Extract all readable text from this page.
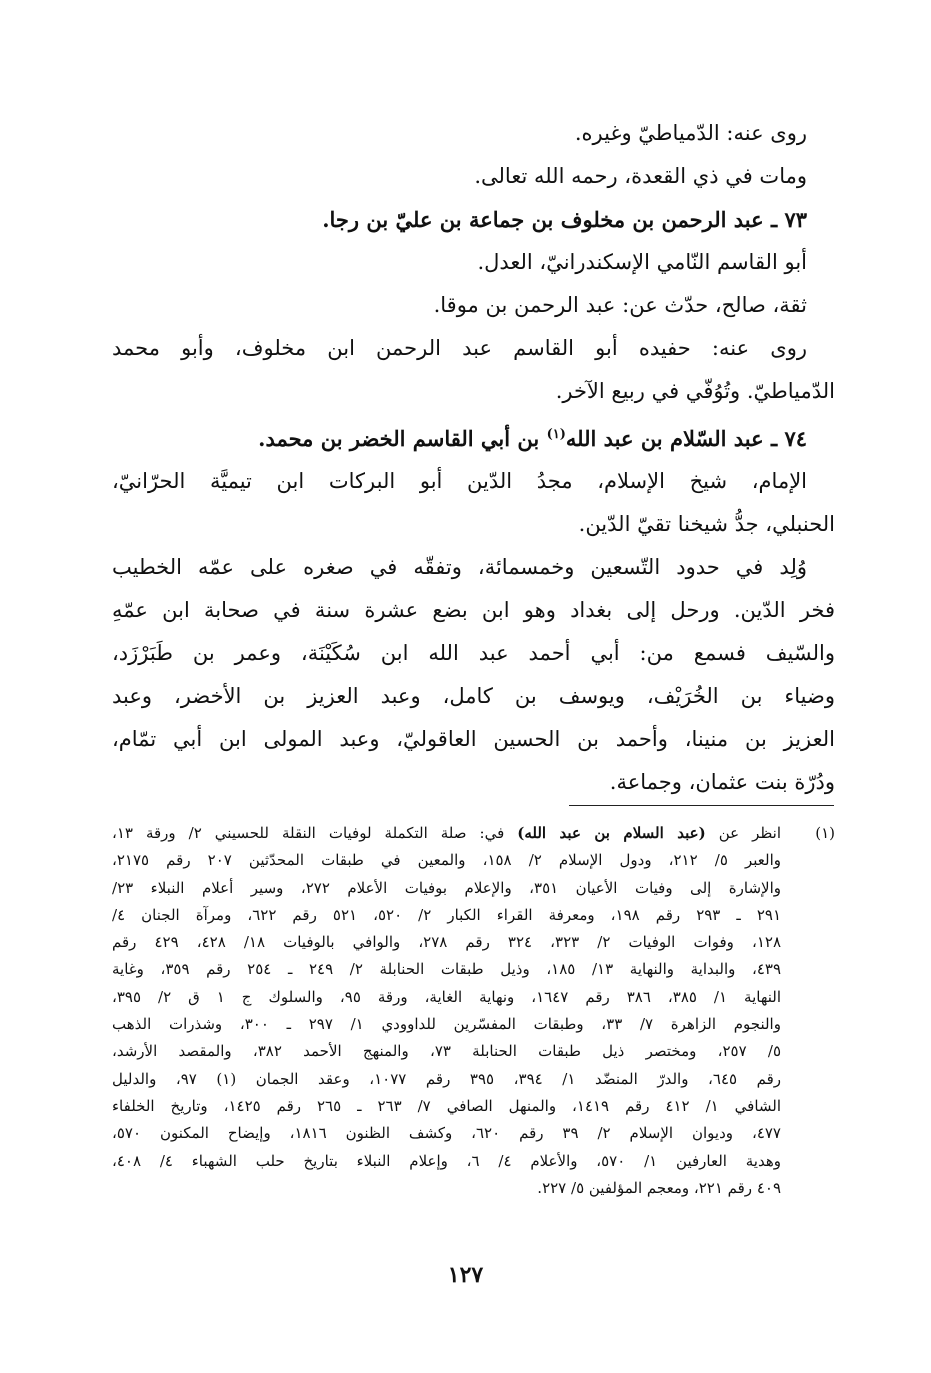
روى عنه: الدّمياطيّ وغيره.
ومات في ذي القعدة، رحمه الله تعالى.
٧٣ ـ عبد الرحمن بن مخلوف بن جماعة بن عليّ بن رجا.
أبو القاسم النّامي الإسكندرانيّ، العدل.
ثقة، صالح، حدّث عن: عبد الرحمن بن موقا.
روى عنه: حفيده أبو القاسم عبد الرحمن ابن مخلوف، وأبو محمد
الدّمياطيّ. وتُوُفّي في ربيع الآخر.
٧٤ ـ عبد السّلام بن عبد الله$^{(١)}$ بن أبي القاسم الخضر بن محمد.
الإمام، شيخ الإسلام، مجدُ الدّين أبو البركات ابن تيميَّة الحرّانيّ،
الحنبلي، جدُّ شيخنا تقيّ الدّين.
وُلِد في حدود التّسعين وخمسمائة، وتفقّه في صغره على عمّه الخطيب
فخر الدّين. ورحل إلى بغداد وهو ابن بضع عشرة سنة في صحابة ابن عمّهِ
والسّيف فسمع من: أبي أحمد عبد الله ابن سُكَيْنَة، وعمر بن طَبَرْزَد،
وضياء بن الخُرَيْف، ويوسف بن كامل، وعبد العزيز بن الأخضر، وعبد
العزيز بن منينا، وأحمد بن الحسين العاقوليّ، وعبد المولى ابن أبي تمّام،
ودُرّة بنت عثمان، وجماعة.
(١)
انظر عن (عبد السلام بن عبد الله) في: صلة التكملة لوفيات النقلة للحسيني ٢/ ورقة ١٣،
والعبر ٥/ ٢١٢، ودول الإسلام ٢/ ١٥٨، والمعين في طبقات المحدّثين ٢٠٧ رقم ٢١٧٥،
والإشارة إلى وفيات الأعيان ٣٥١، والإعلام بوفيات الأعلام ٢٧٢، وسير أعلام النبلاء ٢٣/
٢٩١ ـ ٢٩٣ رقم ١٩٨، ومعرفة القراء الكبار ٢/ ٥٢٠، ٥٢١ رقم ٦٢٢، ومرآة الجنان ٤/
١٢٨، وفوات الوفيات ٢/ ٣٢٣، ٣٢٤ رقم ٢٧٨، والوافي بالوفيات ١٨/ ٤٢٨، ٤٢٩ رقم
٤٣٩، والبداية والنهاية ١٣/ ١٨٥، وذيل طبقات الحنابلة ٢/ ٢٤٩ ـ ٢٥٤ رقم ٣٥٩، وغاية
النهاية ١/ ٣٨٥، ٣٨٦ رقم ١٦٤٧، ونهاية الغاية، ورقة ٩٥، والسلوك ج ١ ق ٢/ ٣٩٥،
والنجوم الزاهرة ٧/ ٣٣، وطبقات المفسّرين للداوودي ١/ ٢٩٧ ـ ٣٠٠، وشذرات الذهب
٥/ ٢٥٧، ومختصر ذيل طبقات الحنابلة ٧٣، والمنهج الأحمد ٣٨٢، والمقصد الأرشد،
رقم ٦٤٥، والدرّ المنضّد ١/ ٣٩٤، ٣٩٥ رقم ١٠٧٧، وعقد الجمان (١) ٩٧، والدليل
الشافي ١/ ٤١٢ رقم ١٤١٩، والمنهل الصافي ٧/ ٢٦٣ ـ ٢٦٥ رقم ١٤٢٥، وتاريخ الخلفاء
٤٧٧، وديوان الإسلام ٢/ ٣٩ رقم ٦٢٠، وكشف الظنون ١٨١٦، وإيضاح المكنون ٥٧٠،
وهدية العارفين ١/ ٥٧٠، والأعلام ٤/ ٦، وإعلام النبلاء بتاريخ حلب الشهباء ٤/ ٤٠٨،
٤٠٩ رقم ٢٢١، ومعجم المؤلفين ٥/ ٢٢٧.
١٢٧
